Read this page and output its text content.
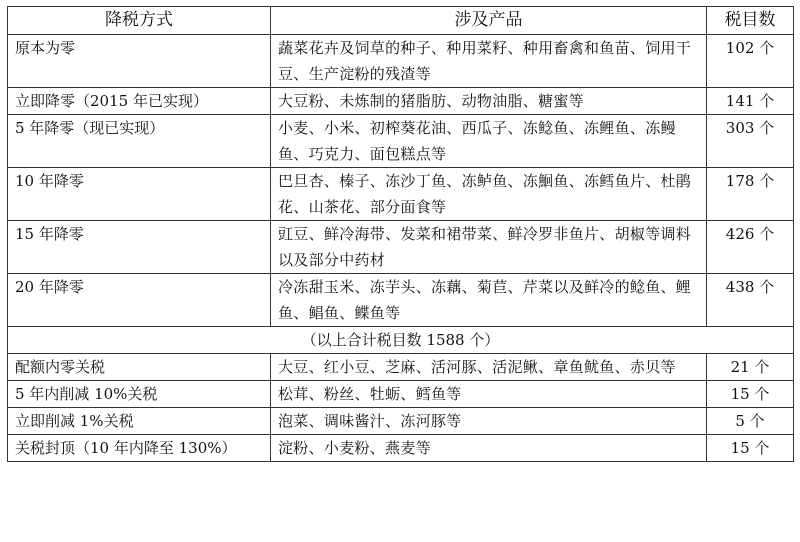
降税方式	涉及产品	税目数
原本为零	蔬菜花卉及饲草的种子、种用菜籽、种用畜禽和鱼苗、饲用干豆、生产淀粉的残渣等	102 个
立即降零（2015 年已实现）	大豆粉、未炼制的猪脂肪、动物油脂、糖蜜等	141 个
5 年降零（现已实现）	小麦、小米、初榨葵花油、西瓜子、冻鲶鱼、冻鲤鱼、冻鳗鱼、巧克力、面包糕点等	303 个
10 年降零	巴旦杏、榛子、冻沙丁鱼、冻鲈鱼、冻鮰鱼、冻鳕鱼片、杜鹃花、山茶花、部分面食等	178 个
15 年降零	豇豆、鲜冷海带、发菜和裙带菜、鲜冷罗非鱼片、胡椒等调料以及部分中药材	426 个
20 年降零	冷冻甜玉米、冻芋头、冻藕、菊苣、芹菜以及鲜冷的鲶鱼、鲤鱼、鲳鱼、鲽鱼等	438 个
（以上合计税目数 1588 个）		
配额内零关税	大豆、红小豆、芝麻、活河豚、活泥鳅、章鱼鱿鱼、赤贝等	21 个
5 年内削减 10%关税	松茸、粉丝、牡蛎、鳕鱼等	15 个
立即削减 1%关税	泡菜、调味酱汁、冻河豚等	5 个
关税封顶（10 年内降至 130%）	淀粉、小麦粉、燕麦等	15 个
